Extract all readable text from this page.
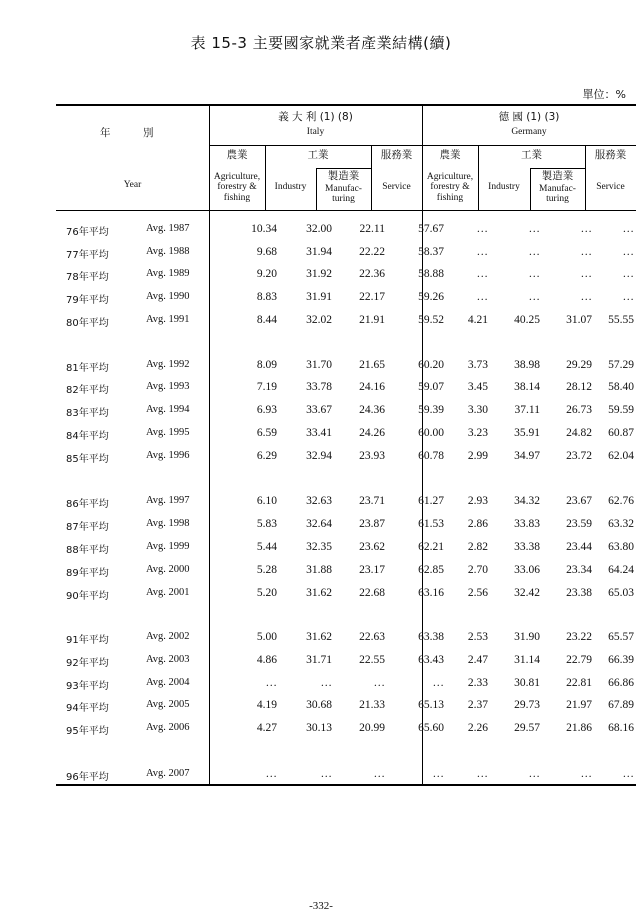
表 15-3 主要國家就業者產業結構(續)
單位：%
年	別
Year
義 大 利 (1) (8)
Italy
德 國 (1) (3)
Germany
農業	工業	服務業
Agriculture, forestry & fishing
Industry
製造業
Manufac-turing
Service
農業	工業	服務業
Agriculture, forestry & fishing
Industry
製造業
Manufac-turing
Service
76年平均	Avg. 1987	10.34	32.00	22.11	57.67	…	…	…	…
77年平均	Avg. 1988	9.68	31.94	22.22	58.37	…	…	…	…
78年平均	Avg. 1989	9.20	31.92	22.36	58.88	…	…	…	…
79年平均	Avg. 1990	8.83	31.91	22.17	59.26	…	…	…	…
80年平均	Avg. 1991	8.44	32.02	21.91	59.52	4.21	40.25	31.07	55.55
81年平均	Avg. 1992	8.09	31.70	21.65	60.20	3.73	38.98	29.29	57.29
82年平均	Avg. 1993	7.19	33.78	24.16	59.07	3.45	38.14	28.12	58.40
83年平均	Avg. 1994	6.93	33.67	24.36	59.39	3.30	37.11	26.73	59.59
84年平均	Avg. 1995	6.59	33.41	24.26	60.00	3.23	35.91	24.82	60.87
85年平均	Avg. 1996	6.29	32.94	23.93	60.78	2.99	34.97	23.72	62.04
86年平均	Avg. 1997	6.10	32.63	23.71	61.27	2.93	34.32	23.67	62.76
87年平均	Avg. 1998	5.83	32.64	23.87	61.53	2.86	33.83	23.59	63.32
88年平均	Avg. 1999	5.44	32.35	23.62	62.21	2.82	33.38	23.44	63.80
89年平均	Avg. 2000	5.28	31.88	23.17	62.85	2.70	33.06	23.34	64.24
90年平均	Avg. 2001	5.20	31.62	22.68	63.16	2.56	32.42	23.38	65.03
91年平均	Avg. 2002	5.00	31.62	22.63	63.38	2.53	31.90	23.22	65.57
92年平均	Avg. 2003	4.86	31.71	22.55	63.43	2.47	31.14	22.79	66.39
93年平均	Avg. 2004	…	…	…	…	2.33	30.81	22.81	66.86
94年平均	Avg. 2005	4.19	30.68	21.33	65.13	2.37	29.73	21.97	67.89
95年平均	Avg. 2006	4.27	30.13	20.99	65.60	2.26	29.57	21.86	68.16
96年平均	Avg. 2007	…	…	…	…	…	…	…	…
-332-
